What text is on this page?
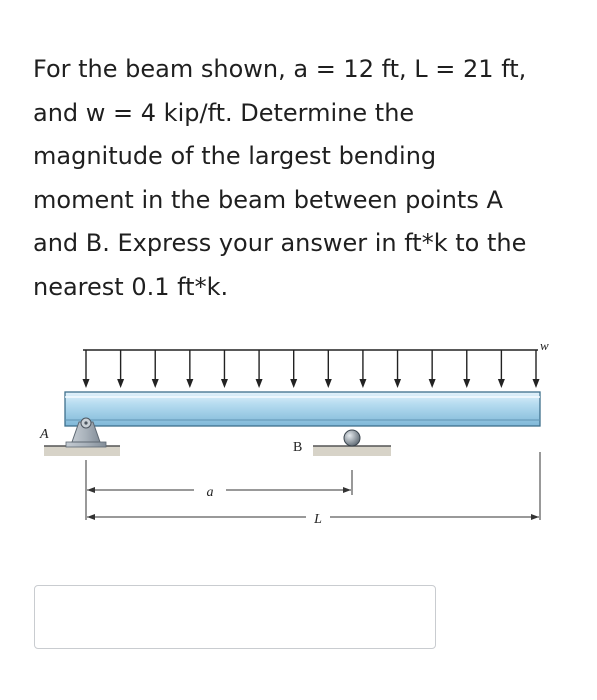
For the beam shown, a = 12 ft, L = 21 ft,
and w = 4 kip/ft. Determine the
magnitude of the largest bending
moment in the beam between points A
and B. Express your answer in ft*k to the
nearest 0.1 ft*k.
w
A
B
a
L
